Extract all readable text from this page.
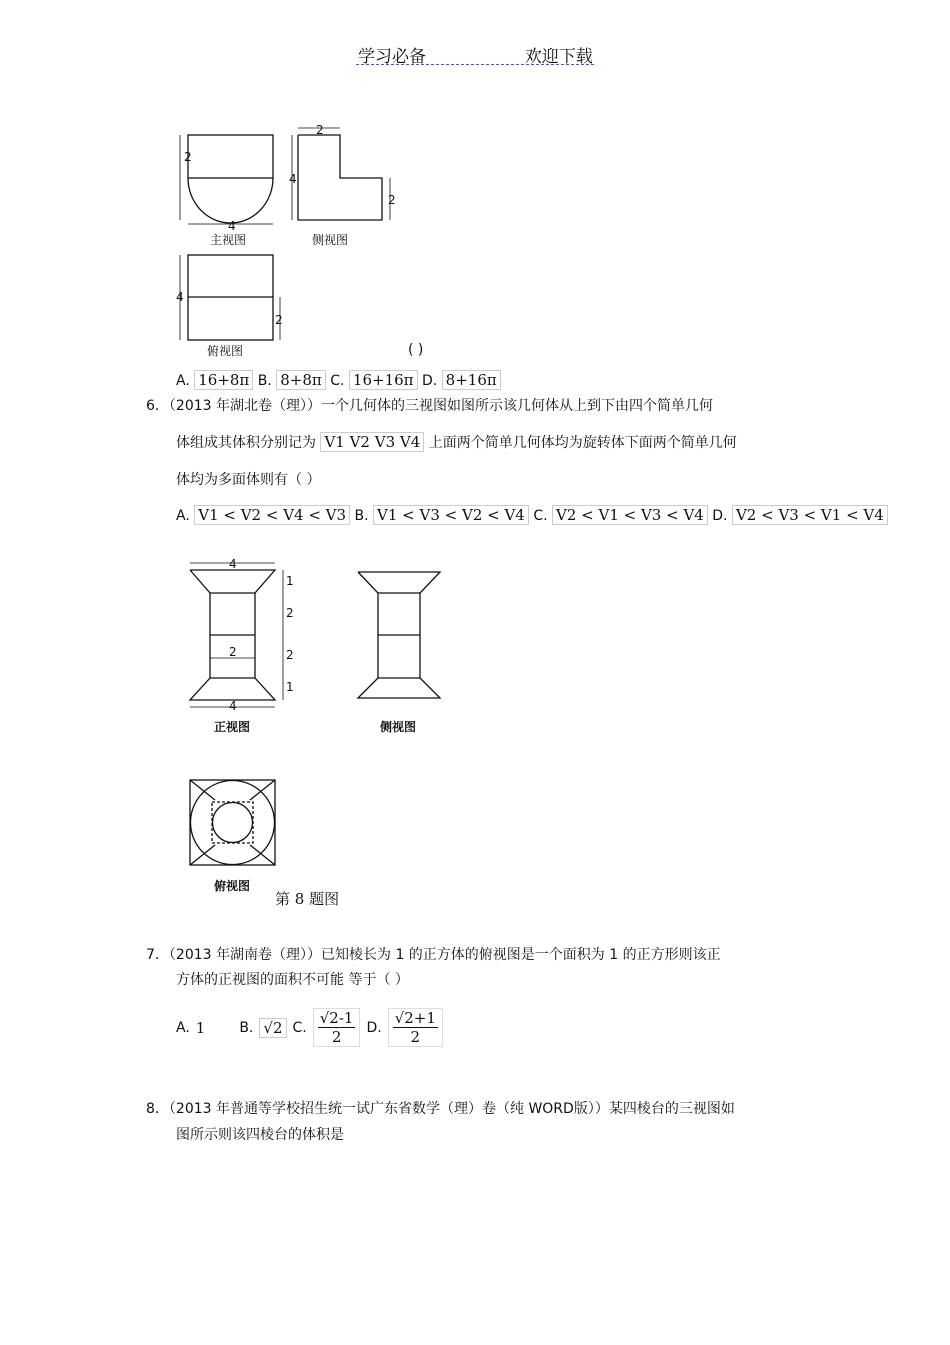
学习必备	欢迎下载
2
4
2
4
2
4
2
主视图	侧视图
俯视图	( )
A. 16+8π B. 8+8π C. 16+16π D. 8+16π
6．（2013 年湖北卷（理））一个几何体的三视图如图所示该几何体从上到下由四个简单几何
体组成其体积分别记为 V1 V2 V3 V4 上面两个简单几何体均为旋转体下面两个简单几何
体均为多面体则有（ ）
A. V1 < V2 < V4 < V3 B. V1 < V3 < V2 < V4 C. V2 < V1 < V3 < V4 D. V2 < V3 < V1 < V4
4
1
2
2
1
2
4
正视图	侧视图
俯视图
第 8 题图
7．（2013 年湖南卷（理））已知棱长为 1 的正方体的俯视图是一个面积为 1 的正方形则该正
方体的正视图的面积不可能 等于（ ）
A. 1 B. √2 C. $\frac{√2-1}{2} D$. $\frac{√2+1}{2}$
8．（2013 年普通等学校招生统一试广东省数学（理）卷（纯 WORD版））某四棱台的三视图如
图所示则该四棱台的体积是
